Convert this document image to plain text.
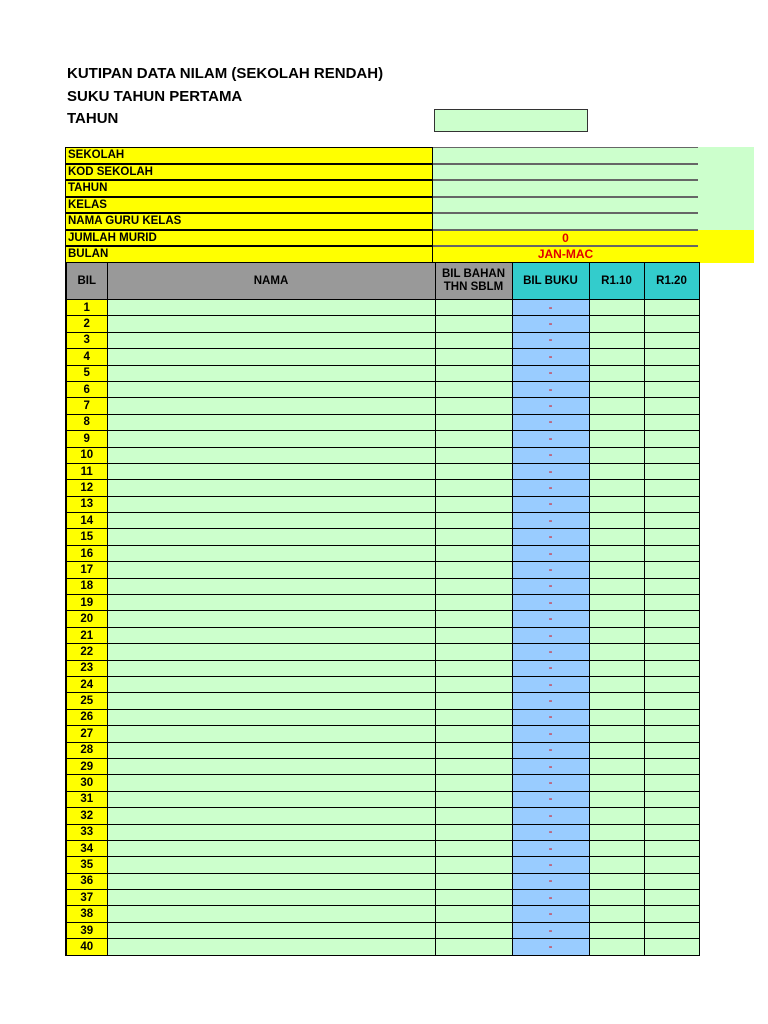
KUTIPAN DATA NILAM (SEKOLAH RENDAH)
SUKU TAHUN PERTAMA
TAHUN
SEKOLAH
KOD SEKOLAH
TAHUN
KELAS
NAMA GURU KELAS
JUMLAH MURID	0
BULAN	JAN-MAC
BIL	NAMA	BIL BAHAN THN SBLM	BIL BUKU	R1.10	R1.20
1			-		
2			-		
3			-		
4			-		
5			-		
6			-		
7			-		
8			-		
9			-		
10			-		
11			-		
12			-		
13			-		
14			-		
15			-		
16			-		
17			-		
18			-		
19			-		
20			-		
21			-		
22			-		
23			-		
24			-		
25			-		
26			-		
27			-		
28			-		
29			-		
30			-		
31			-		
32			-		
33			-		
34			-		
35			-		
36			-		
37			-		
38			-		
39			-		
40			-		
